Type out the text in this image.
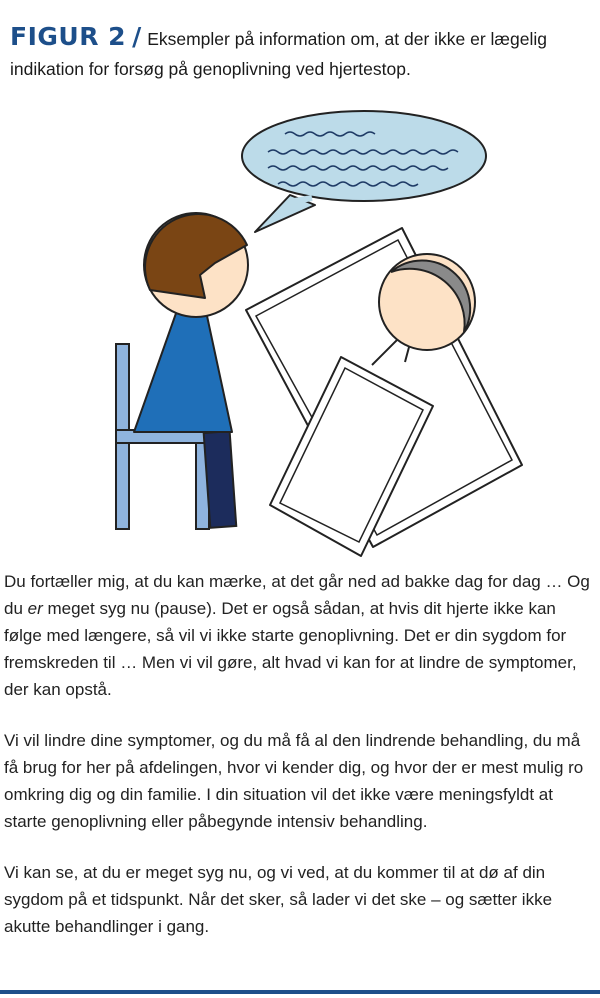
FIGUR 2 / Eksempler på information om, at der ikke er lægelig indikation for forsøg på genoplivning ved hjertestop.

Du fortæller mig, at du kan mærke, at det går ned ad bakke dag for dag … Og du er meget syg nu (pause). Det er også sådan, at hvis dit hjerte ikke kan følge med længere, så vil vi ikke starte genoplivning. Det er din sygdom for fremskreden til … Men vi vil gøre, alt hvad vi kan for at lindre de symptomer, der kan opstå.

Vi vil lindre dine symptomer, og du må få al den lindrende behandling, du må få brug for her på afdelingen, hvor vi kender dig, og hvor der er mest mulig ro omkring dig og din familie. I din situation vil det ikke være meningsfyldt at starte genoplivning eller påbegynde intensiv behandling.

Vi kan se, at du er meget syg nu, og vi ved, at du kommer til at dø af din sygdom på et tidspunkt. Når det sker, så lader vi det ske – og sætter ikke akutte behandlinger i gang.
